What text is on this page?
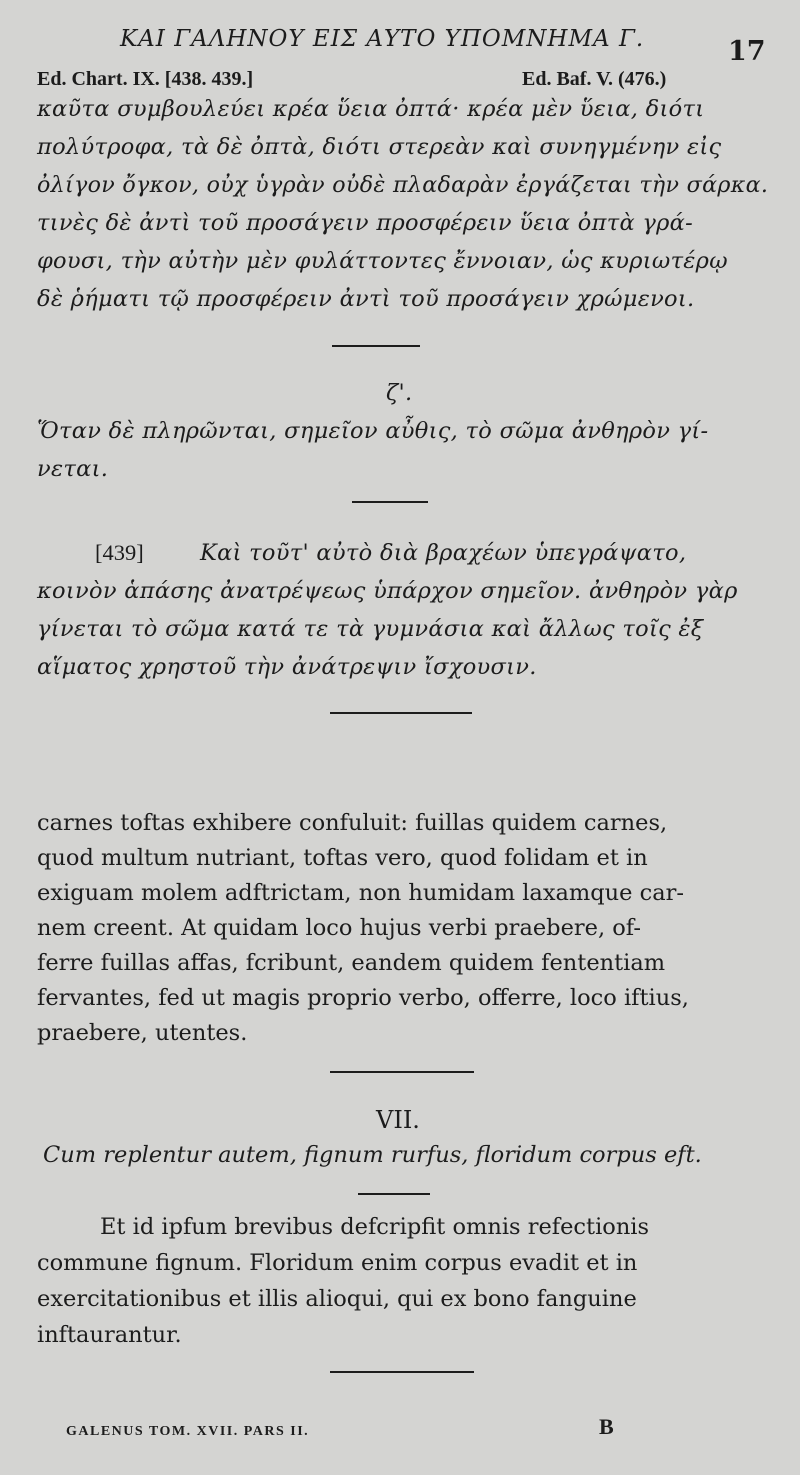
ΚΑΙ ΓΑΛΗΝΟΥ ΕΙΣ ΑΥΤΟ ΥΠΟΜΝΗΜΑ Γ.	17
Ed. Chart. IX. [438. 439.]	Ed. Baf. V. (476.)
καῦτα συμβουλεύει κρέα ὕεια ὀπτά· κρέα μὲν ὕεια, διότι
πολύτροφα, τὰ δὲ ὀπτὰ, διότι στερεὰν καὶ συνηγμένην εἰς
ὀλίγον ὄγκον, οὐχ ὑγρὰν οὐδὲ πλαδαρὰν ἐργάζεται τὴν σάρκα.
τινὲς δὲ ἀντὶ τοῦ προσάγειν προσφέρειν ὕεια ὀπτὰ γρά-
φουσι, τὴν αὐτὴν μὲν φυλάττοντες ἔννοιαν, ὡς κυριωτέρῳ
δὲ ῥήματι τῷ προσφέρειν ἀντὶ τοῦ προσάγειν χρώμενοι.
ζ'.
Ὅταν δὲ πληρῶνται, σημεῖον αὖθις, τὸ σῶμα ἀνθηρὸν γί-
νεται.
[439]	Καὶ τοῦτ' αὐτὸ διὰ βραχέων ὑπεγράψατο,
κοινὸν ἁπάσης ἀνατρέψεως ὑπάρχον σημεῖον. ἀνθηρὸν γὰρ
γίνεται τὸ σῶμα κατά τε τὰ γυμνάσια καὶ ἄλλως τοῖς ἐξ
αἵματος χρηστοῦ τὴν ἀνάτρεψιν ἴσχουσιν.
carnes toftas exhibere confuluit: fuillas quidem carnes,
quod multum nutriant, toftas vero, quod folidam et in
exiguam molem adftrictam, non humidam laxamque car-
nem creent. At quidam loco hujus verbi praebere, of-
ferre fuillas affas, fcribunt, eandem quidem fententiam
fervantes, fed ut magis proprio verbo, offerre, loco iftius,
praebere, utentes.
VII.
Cum replentur autem, fignum rurfus, floridum corpus eft.
Et id ipfum brevibus defcripfit omnis refectionis
commune fignum. Floridum enim corpus evadit et in
exercitationibus et illis alioqui, qui ex bono fanguine
inftaurantur.
GALENUS TOM. XVII. PARS II.	B
